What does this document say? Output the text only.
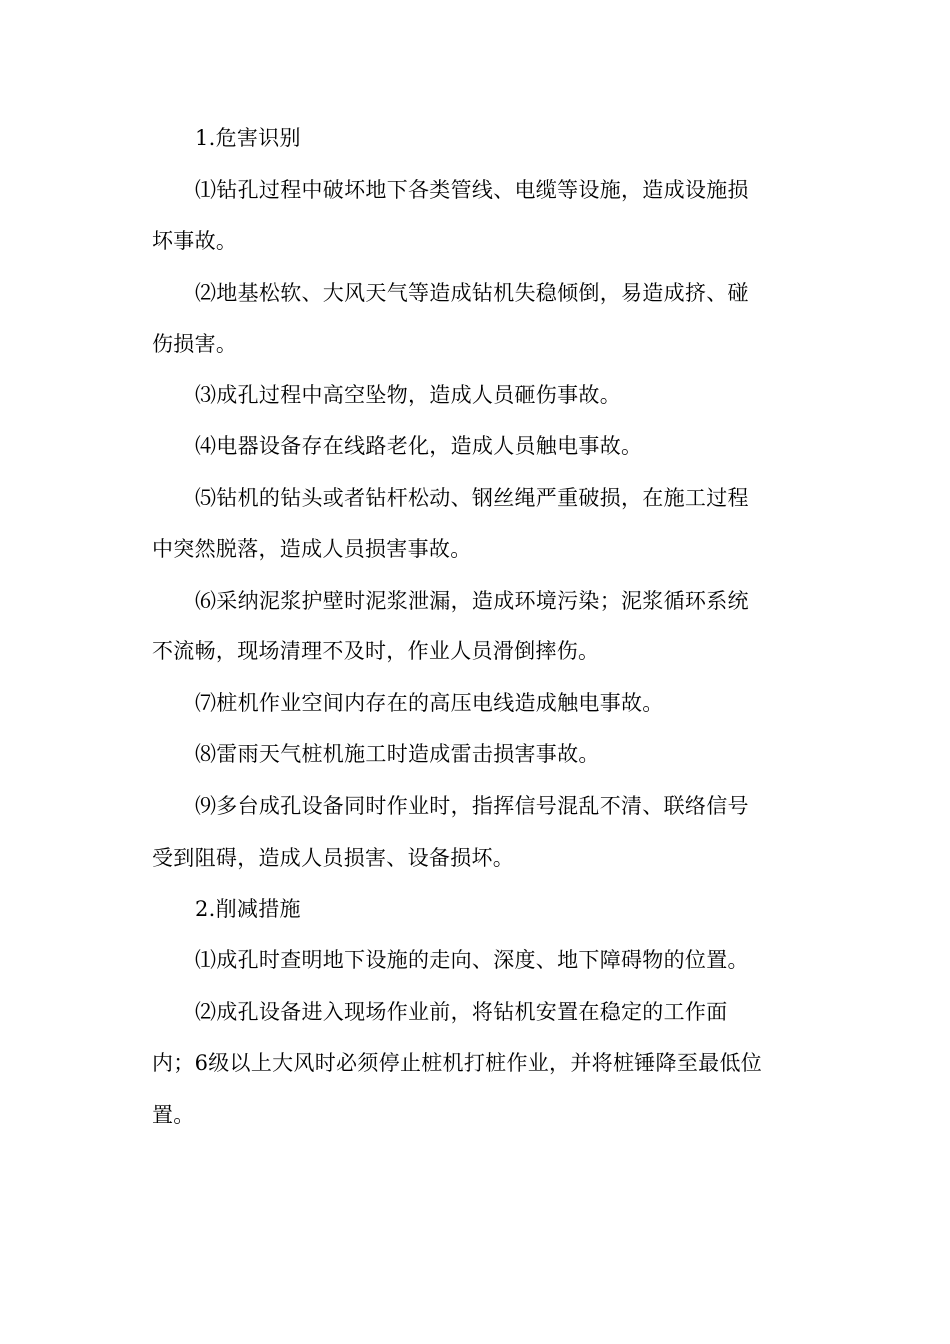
1.危害识别
⑴钻孔过程中破坏地下各类管线、电缆等设施，造成设施损
坏事故。
⑵地基松软、大风天气等造成钻机失稳倾倒，易造成挤、碰
伤损害。
⑶成孔过程中高空坠物，造成人员砸伤事故。
⑷电器设备存在线路老化，造成人员触电事故。
⑸钻机的钻头或者钻杆松动、钢丝绳严重破损，在施工过程
中突然脱落，造成人员损害事故。
⑹采纳泥浆护壁时泥浆泄漏，造成环境污染；泥浆循环系统
不流畅，现场清理不及时，作业人员滑倒摔伤。
⑺桩机作业空间内存在的高压电线造成触电事故。
⑻雷雨天气桩机施工时造成雷击损害事故。
⑼多台成孔设备同时作业时，指挥信号混乱不清、联络信号
受到阻碍，造成人员损害、设备损坏。
2.削减措施
⑴成孔时查明地下设施的走向、深度、地下障碍物的位置。
⑵成孔设备进入现场作业前，将钻机安置在稳定的工作面
内；6级以上大风时必须停止桩机打桩作业，并将桩锤降至最低位
置。
